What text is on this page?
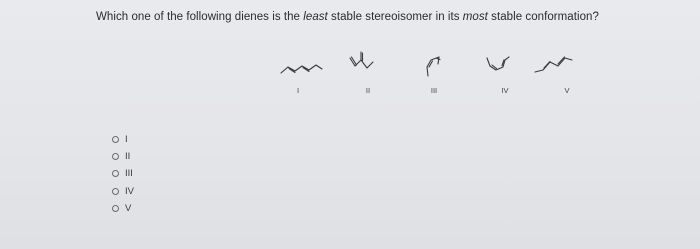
Which one of the following dienes is the least stable stereoisomer in its most stable conformation?
I	II	III	IV	V
I
II
III
IV
V
